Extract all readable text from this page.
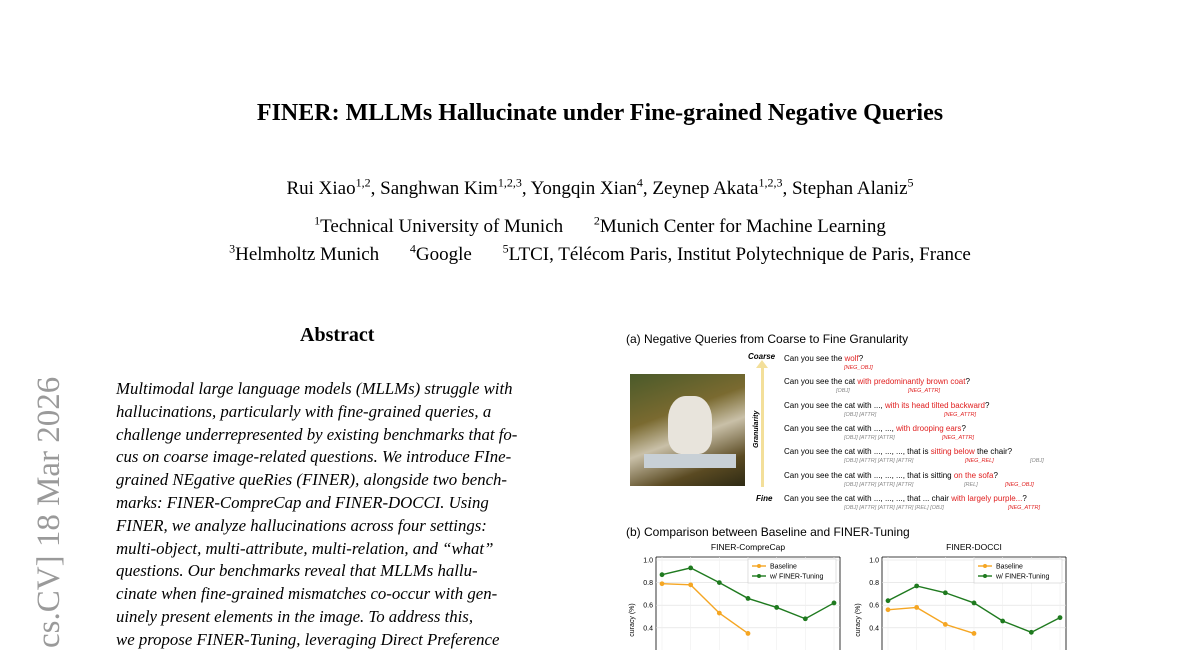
FINER: MLLMs Hallucinate under Fine-grained Negative Queries
Rui Xiao$^{1,2}$, Sanghwan Kim$^{1,2,3}$, Yongqin Xian$^4$, Zeynep Akata$^{1,2,3}$, Stephan Alaniz$^5$
$^1$Technical University of Munich	$^2$Munich Center for Machine Learning
$^3$Helmholtz Munich	$^4$Google	$^5$LTCI, Télécom Paris, Institut Polytechnique de Paris, France
cs.CV] 18 Mar 2026
Abstract
Multimodal large language models (MLLMs) struggle with
hallucinations, particularly with fine-grained queries, a
challenge underrepresented by existing benchmarks that fo-
cus on coarse image-related questions. We introduce FIne-
grained NEgative queRies (FINER), alongside two bench-
marks: FINER-CompreCap and FINER-DOCCI. Using
FINER, we analyze hallucinations across four settings:
multi-object, multi-attribute, multi-relation, and “what”
questions. Our benchmarks reveal that MLLMs hallu-
cinate when fine-grained mismatches co-occur with gen-
uinely present elements in the image. To address this,
we propose FINER-Tuning, leveraging Direct Preference
(a) Negative Queries from Coarse to Fine Granularity
Granularity
Coarse
Fine
Can you see the wolf?
Can you see the cat with predominantly brown coat?
Can you see the cat with ..., with its head tilted backward?
Can you see the cat with ..., ..., with drooping ears?
Can you see the cat with ..., ..., ..., that is sitting below the chair?
Can you see the cat with ..., ..., ..., that is sitting on the sofa?
Can you see the cat with ..., ..., ..., that ... chair with largely purple...?
[NEG_OBJ]
[OBJ]	[NEG_ATTR]
[OBJ] [ATTR]	[NEG_ATTR]
[OBJ] [ATTR] [ATTR]	[NEG_ATTR]
[OBJ] [ATTR] [ATTR] [ATTR]	[NEG_REL]	[OBJ]
[OBJ] [ATTR] [ATTR] [ATTR]	[REL]	[NEG_OBJ]
[OBJ] [ATTR] [ATTR] [ATTR] [REL] [OBJ]	[NEG_ATTR]
(b) Comparison between Baseline and FINER-Tuning
FINER-CompreCap
1.0
0.8
0.6
0.4
curacy (%)
Baseline
w/ FINER-Tuning
FINER-DOCCI
1.0
0.8
0.6
0.4
curacy (%)
Baseline
w/ FINER-Tuning
